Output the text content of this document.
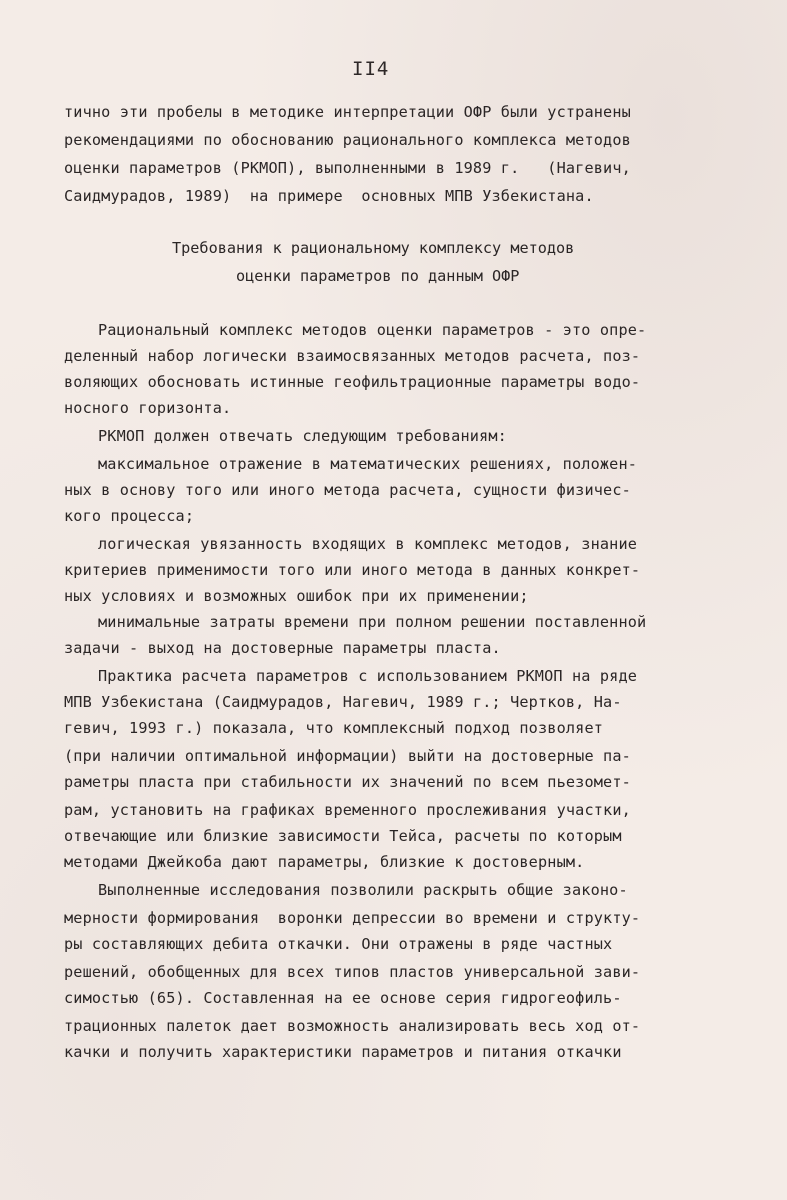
II4
тично эти пробелы в методике интерпретации ОФР были устранены
рекомендациями по обоснованию рационального комплекса методов
оценки параметров (РКМОП), выполненными в 1989 г.   (Нагевич,
Саидмурадов, 1989)  на примере  основных МПВ Узбекистана.
Требования к рациональному комплексу методов
оценки параметров по данным ОФР
Рациональный комплекс методов оценки параметров - это опре-
деленный набор логически взаимосвязанных методов расчета, поз-
воляющих обосновать истинные геофильтрационные параметры водо-
носного горизонта.
РКМОП должен отвечать следующим требованиям:
максимальное отражение в математических решениях, положен-
ных в основу того или иного метода расчета, сущности физичес-
кого процесса;
логическая увязанность входящих в комплекс методов, знание
критериев применимости того или иного метода в данных конкрет-
ных условиях и возможных ошибок при их применении;
минимальные затраты времени при полном решении поставленной
задачи - выход на достоверные параметры пласта.
Практика расчета параметров с использованием РКМОП на ряде
МПВ Узбекистана (Саидмурадов, Нагевич, 1989 г.; Чертков, На-
гевич, 1993 г.) показала, что комплексный подход позволяет
(при наличии оптимальной информации) выйти на достоверные па-
раметры пласта при стабильности их значений по всем пьезомет-
рам, установить на графиках временного прослеживания участки,
отвечающие или близкие зависимости Тейса, расчеты по которым
методами Джейкоба дают параметры, близкие к достоверным.
Выполненные исследования позволили раскрыть общие законо-
мерности формирования  воронки депрессии во времени и структу-
ры составляющих дебита откачки. Они отражены в ряде частных
решений, обобщенных для всех типов пластов универсальной зави-
симостью (65). Составленная на ее основе серия гидрогеофиль-
трационных палеток дает возможность анализировать весь ход от-
качки и получить характеристики параметров и питания откачки
